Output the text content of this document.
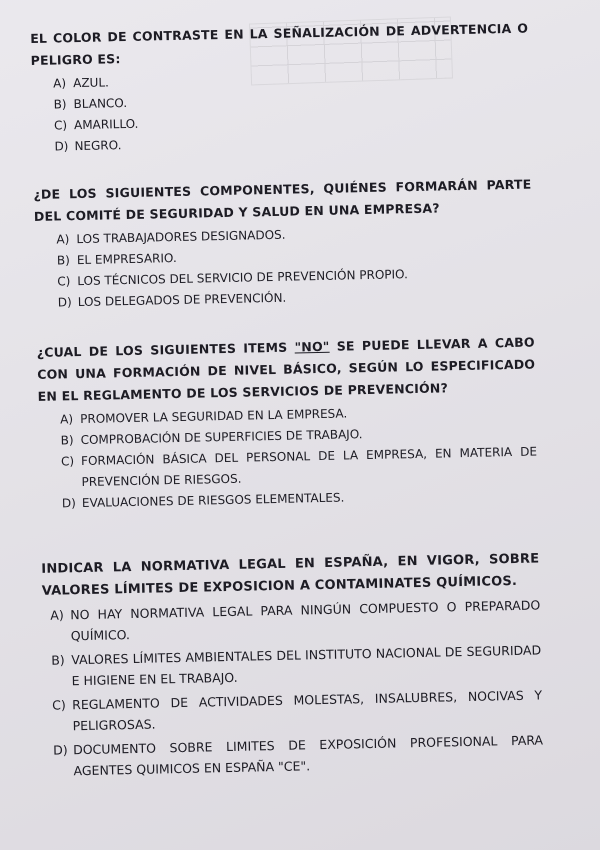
EL COLOR DE CONTRASTE EN LA SEÑALIZACIÓN DE ADVERTENCIA O PELIGRO ES:
A) AZUL.
B) BLANCO.
C) AMARILLO.
D) NEGRO.
¿DE LOS SIGUIENTES COMPONENTES, QUIÉNES FORMARÁN PARTE DEL COMITÉ DE SEGURIDAD Y SALUD EN UNA EMPRESA?
A) LOS TRABAJADORES DESIGNADOS.
B) EL EMPRESARIO.
C) LOS TÉCNICOS DEL SERVICIO DE PREVENCIÓN PROPIO.
D) LOS DELEGADOS DE PREVENCIÓN.
¿CUAL DE LOS SIGUIENTES ITEMS "NO" SE PUEDE LLEVAR A CABO CON UNA FORMACIÓN DE NIVEL BÁSICO, SEGÚN LO ESPECIFICADO EN EL REGLAMENTO DE LOS SERVICIOS DE PREVENCIÓN?
A) PROMOVER LA SEGURIDAD EN LA EMPRESA.
B) COMPROBACIÓN DE SUPERFICIES DE TRABAJO.
C) FORMACIÓN BÁSICA DEL PERSONAL DE LA EMPRESA, EN MATERIA DE PREVENCIÓN DE RIESGOS.
D) EVALUACIONES DE RIESGOS ELEMENTALES.
INDICAR LA NORMATIVA LEGAL EN ESPAÑA, EN VIGOR, SOBRE VALORES LÍMITES DE EXPOSICION A CONTAMINATES QUÍMICOS.
A) NO HAY NORMATIVA LEGAL PARA NINGÚN COMPUESTO O PREPARADO QUÍMICO.
B) VALORES LÍMITES AMBIENTALES DEL INSTITUTO NACIONAL DE SEGURIDAD E HIGIENE EN EL TRABAJO.
C) REGLAMENTO DE ACTIVIDADES MOLESTAS, INSALUBRES, NOCIVAS Y PELIGROSAS.
D) DOCUMENTO SOBRE LIMITES DE EXPOSICIÓN PROFESIONAL PARA AGENTES QUIMICOS EN ESPAÑA "CE".
